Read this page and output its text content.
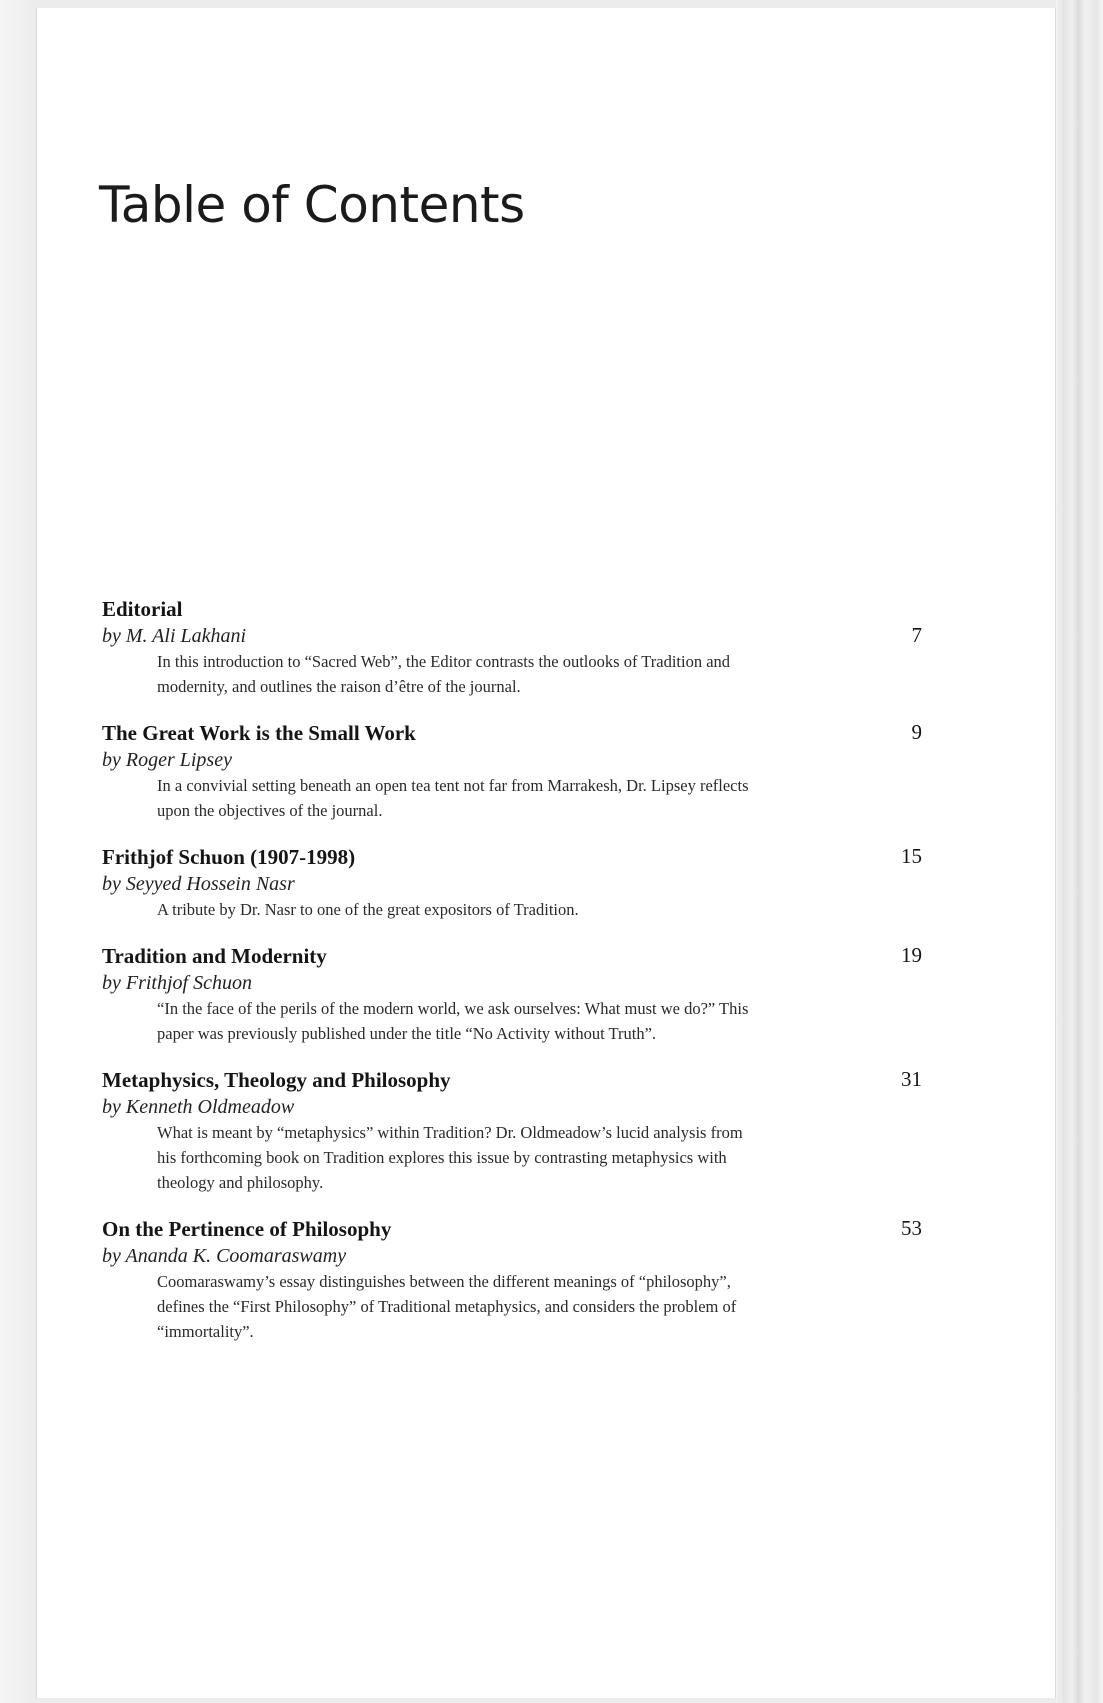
Table of Contents
Editorial
by M. Ali Lakhani
In this introduction to “Sacred Web”, the Editor contrasts the outlooks of Tradition and modernity, and outlines the raison d’être of the journal.
7
The Great Work is the Small Work
by Roger Lipsey
In a convivial setting beneath an open tea tent not far from Marrakesh, Dr. Lipsey reflects upon the objectives of the journal.
9
Frithjof Schuon (1907-1998)
by Seyyed Hossein Nasr
A tribute by Dr. Nasr to one of the great expositors of Tradition.
15
Tradition and Modernity
by Frithjof Schuon
“In the face of the perils of the modern world, we ask ourselves: What must we do?” This paper was previously published under the title “No Activity without Truth”.
19
Metaphysics, Theology and Philosophy
by Kenneth Oldmeadow
What is meant by “metaphysics” within Tradition? Dr. Oldmeadow’s lucid analysis from his forthcoming book on Tradition explores this issue by contrasting metaphysics with theology and philosophy.
31
On the Pertinence of Philosophy
by Ananda K. Coomaraswamy
Coomaraswamy’s essay distinguishes between the different meanings of “philosophy”, defines the “First Philosophy” of Traditional metaphysics, and considers the problem of “immortality”.
53
